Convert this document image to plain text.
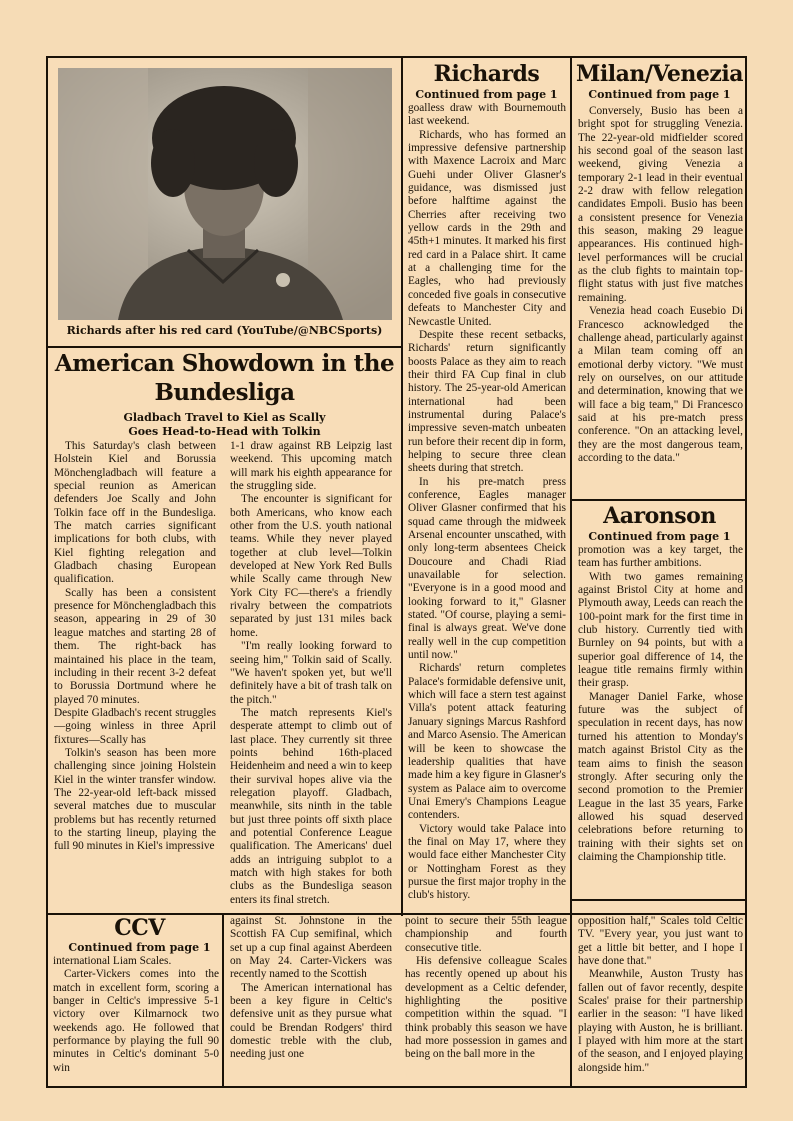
Richards after his red card (YouTube/@NBCSports)
Richards
Continued from page 1

goalless draw with Bournemouth last weekend.

Richards, who has formed an impressive defensive partnership with Maxence Lacroix and Marc Guehi under Oliver Glasner's guidance, was dismissed just before halftime against the Cherries after receiving two yellow cards in the 29th and 45th+1 minutes. It marked his first red card in a Palace shirt. It came at a challenging time for the Eagles, who had previously conceded five goals in consecutive defeats to Manchester City and Newcastle United.

Despite these recent setbacks, Richards' return significantly boosts Palace as they aim to reach their third FA Cup final in club history. The 25-year-old American international had been instrumental during Palace's impressive seven-match unbeaten run before their recent dip in form, helping to secure three clean sheets during that stretch.

In his pre-match press conference, Eagles manager Oliver Glasner confirmed that his squad came through the midweek Arsenal encounter unscathed, with only long-term absentees Cheick Doucoure and Chadi Riad unavailable for selection. "Everyone is in a good mood and looking forward to it," Glasner stated. "Of course, playing a semi-final is always great. We've done really well in the cup competition until now."

Richards' return completes Palace's formidable defensive unit, which will face a stern test against Villa's potent attack featuring January signings Marcus Rashford and Marco Asensio. The American will be keen to showcase the leadership qualities that have made him a key figure in Glasner's system as Palace aim to overcome Unai Emery's Champions League contenders.

Victory would take Palace into the final on May 17, where they would face either Manchester City or Nottingham Forest as they pursue the first major trophy in the club's history.

Milan/Venezia
Continued from page 1

Conversely, Busio has been a bright spot for struggling Venezia. The 22-year-old midfielder scored his second goal of the season last weekend, giving Venezia a temporary 2-1 lead in their eventual 2-2 draw with fellow relegation candidates Empoli. Busio has been a consistent presence for Venezia this season, making 29 league appearances. His continued high-level performances will be crucial as the club fights to maintain top-flight status with just five matches remaining.

Venezia head coach Eusebio Di Francesco acknowledged the challenge ahead, particularly against a Milan team coming off an emotional derby victory. "We must rely on ourselves, on our attitude and determination, knowing that we will face a big team," Di Francesco said at his pre-match press conference. "On an attacking level, they are the most dangerous team, according to the data."

Aaronson
Continued from page 1

promotion was a key target, the team has further ambitions.

With two games remaining against Bristol City at home and Plymouth away, Leeds can reach the 100-point mark for the first time in club history. Currently tied with Burnley on 94 points, but with a superior goal difference of 14, the league title remains firmly within their grasp.

Manager Daniel Farke, whose future was the subject of speculation in recent days, has now turned his attention to Monday's match against Bristol City as the team aims to finish the season strongly. After securing only the second promotion to the Premier League in the last 35 years, Farke allowed his squad deserved celebrations before returning to training with their sights set on claiming the Championship title.

American Showdown in the Bundesliga
Gladbach Travel to Kiel as Scally Goes Head-to-Head with Tolkin

This Saturday's clash between Holstein Kiel and Borussia Mönchengladbach will feature a special reunion as American defenders Joe Scally and John Tolkin face off in the Bundesliga. The match carries significant implications for both clubs, with Kiel fighting relegation and Gladbach chasing European qualification.

Scally has been a consistent presence for Mönchengladbach this season, appearing in 29 of 30 league matches and starting 28 of them. The right-back has maintained his place in the team, including in their recent 3-2 defeat to Borussia Dortmund where he played 70 minutes.

Despite Gladbach's recent struggles—going winless in three April fixtures—Scally has

Tolkin's season has been more challenging since joining Holstein Kiel in the winter transfer window. The 22-year-old left-back missed several matches due to muscular problems but has recently returned to the starting lineup, playing the full 90 minutes in Kiel's impressive

1-1 draw against RB Leipzig last weekend. This upcoming match will mark his eighth appearance for the struggling side.

The encounter is significant for both Americans, who know each other from the U.S. youth national teams. While they never played together at club level—Tolkin developed at New York Red Bulls while Scally came through New York City FC—there's a friendly rivalry between the compatriots separated by just 131 miles back home.

"I'm really looking forward to seeing him," Tolkin said of Scally. "We haven't spoken yet, but we'll definitely have a bit of trash talk on the pitch."

The match represents Kiel's desperate attempt to climb out of last place. They currently sit three points behind 16th-placed Heidenheim and need a win to keep their survival hopes alive via the relegation playoff. Gladbach, meanwhile, sits ninth in the table but just three points off sixth place and potential Conference League qualification. The Americans' duel adds an intriguing subplot to a match with high stakes for both clubs as the Bundesliga season enters its final stretch.

CCV
Continued from page 1

international Liam Scales.

Carter-Vickers comes into the match in excellent form, scoring a banger in Celtic's impressive 5-1 victory over Kilmarnock two weekends ago. He followed that performance by playing the full 90 minutes in Celtic's dominant 5-0 win

against St. Johnstone in the Scottish FA Cup semifinal, which set up a cup final against Aberdeen on May 24. Carter-Vickers was recently named to the Scottish

The American international has been a key figure in Celtic's defensive unit as they pursue what could be Brendan Rodgers' third domestic treble with the club, needing just one

point to secure their 55th league championship and fourth consecutive title.

His defensive colleague Scales has recently opened up about his development as a Celtic defender, highlighting the positive competition within the squad. "I think probably this season we have had more possession in games and being on the ball more in the

opposition half," Scales told Celtic TV. "Every year, you just want to get a little bit better, and I hope I have done that."

Meanwhile, Auston Trusty has fallen out of favor recently, despite Scales' praise for their partnership earlier in the season: "I have liked playing with Auston, he is brilliant. I played with him more at the start of the season, and I enjoyed playing alongside him."
